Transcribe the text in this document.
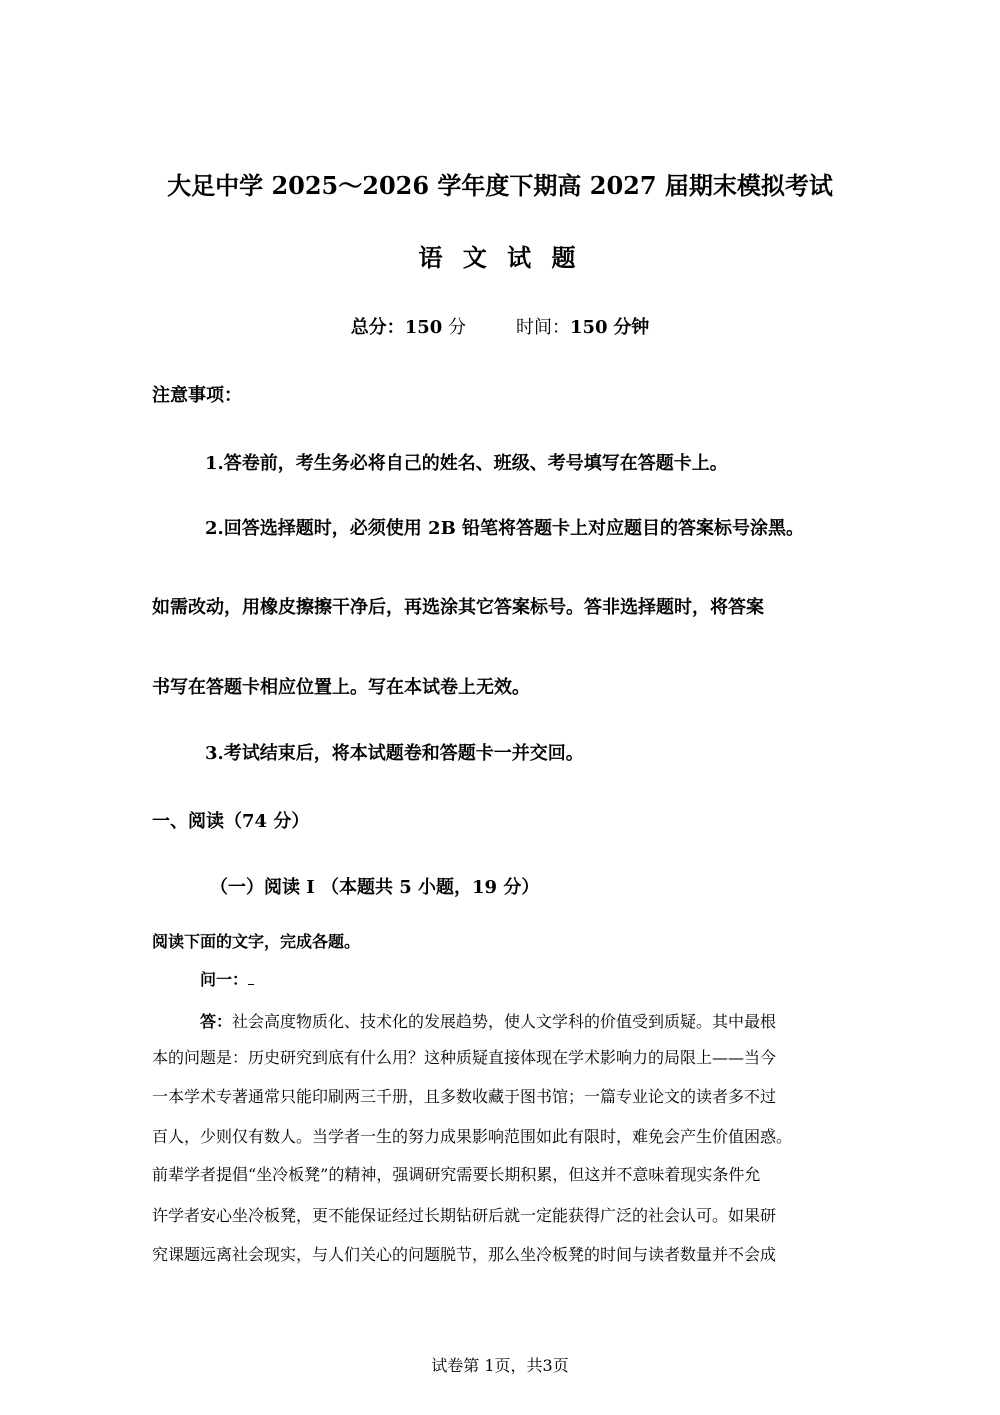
大足中学 2025～2026 学年度下期高 2027 届期末模拟考试
语 文 试 题
总分：150 分	时间：150 分钟
注意事项：
1.答卷前，考生务必将自己的姓名、班级、考号填写在答题卡上。
2.回答选择题时，必须使用 2B 铅笔将答题卡上对应题目的答案标号涂黑。
如需改动，用橡皮擦擦干净后，再选涂其它答案标号。答非选择题时，将答案
书写在答题卡相应位置上。写在本试卷上无效。
3.考试结束后，将本试题卷和答题卡一并交回。
一、阅读（74 分）
（一）阅读 I （本题共 5 小题，19 分）
阅读下面的文字，完成各题。
问一：
答：社会高度物质化、技术化的发展趋势，使人文学科的价值受到质疑。其中最根
本的问题是：历史研究到底有什么用？这种质疑直接体现在学术影响力的局限上——当今
一本学术专著通常只能印刷两三千册，且多数收藏于图书馆；一篇专业论文的读者多不过
百人，少则仅有数人。当学者一生的努力成果影响范围如此有限时，难免会产生价值困惑。
前辈学者提倡“坐冷板凳”的精神，强调研究需要长期积累，但这并不意味着现实条件允
许学者安心坐冷板凳，更不能保证经过长期钻研后就一定能获得广泛的社会认可。如果研
究课题远离社会现实，与人们关心的问题脱节，那么坐冷板凳的时间与读者数量并不会成
试卷第 1页，共3页
